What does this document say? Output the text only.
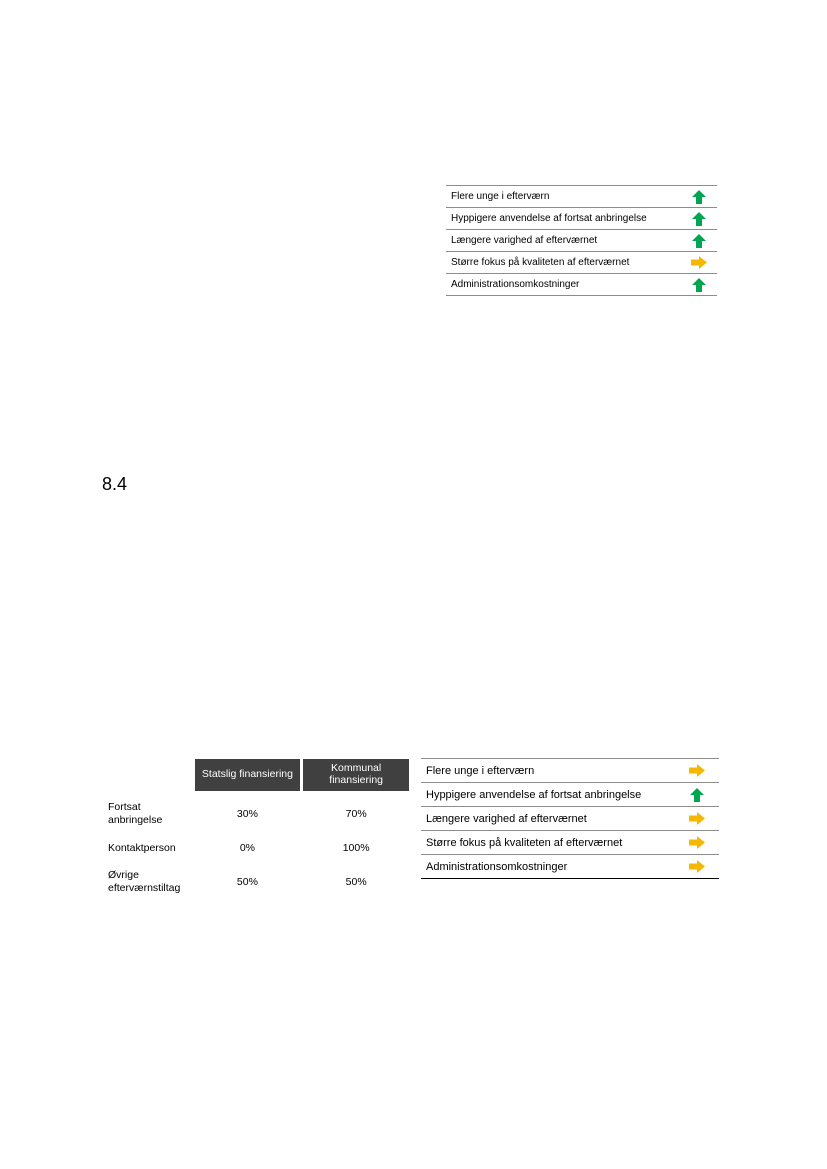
Flere unge i efterværn	

Hyppigere anvendelse af fortsat anbringelse	

Længere varighed af efterværnet	

Større fokus på kvaliteten af efterværnet	

Administrationsomkostninger	
8.4
	Statslig finansiering		Kommunal finansiering
Fortsat anbringelse	30%		70%
Kontaktperson	0%		100%
Øvrige efterværnstiltag	50%		50%
Flere unge i efterværn	

Hyppigere anvendelse af fortsat anbringelse	

Længere varighed af efterværnet	

Større fokus på kvaliteten af efterværnet	

Administrationsomkostninger	
